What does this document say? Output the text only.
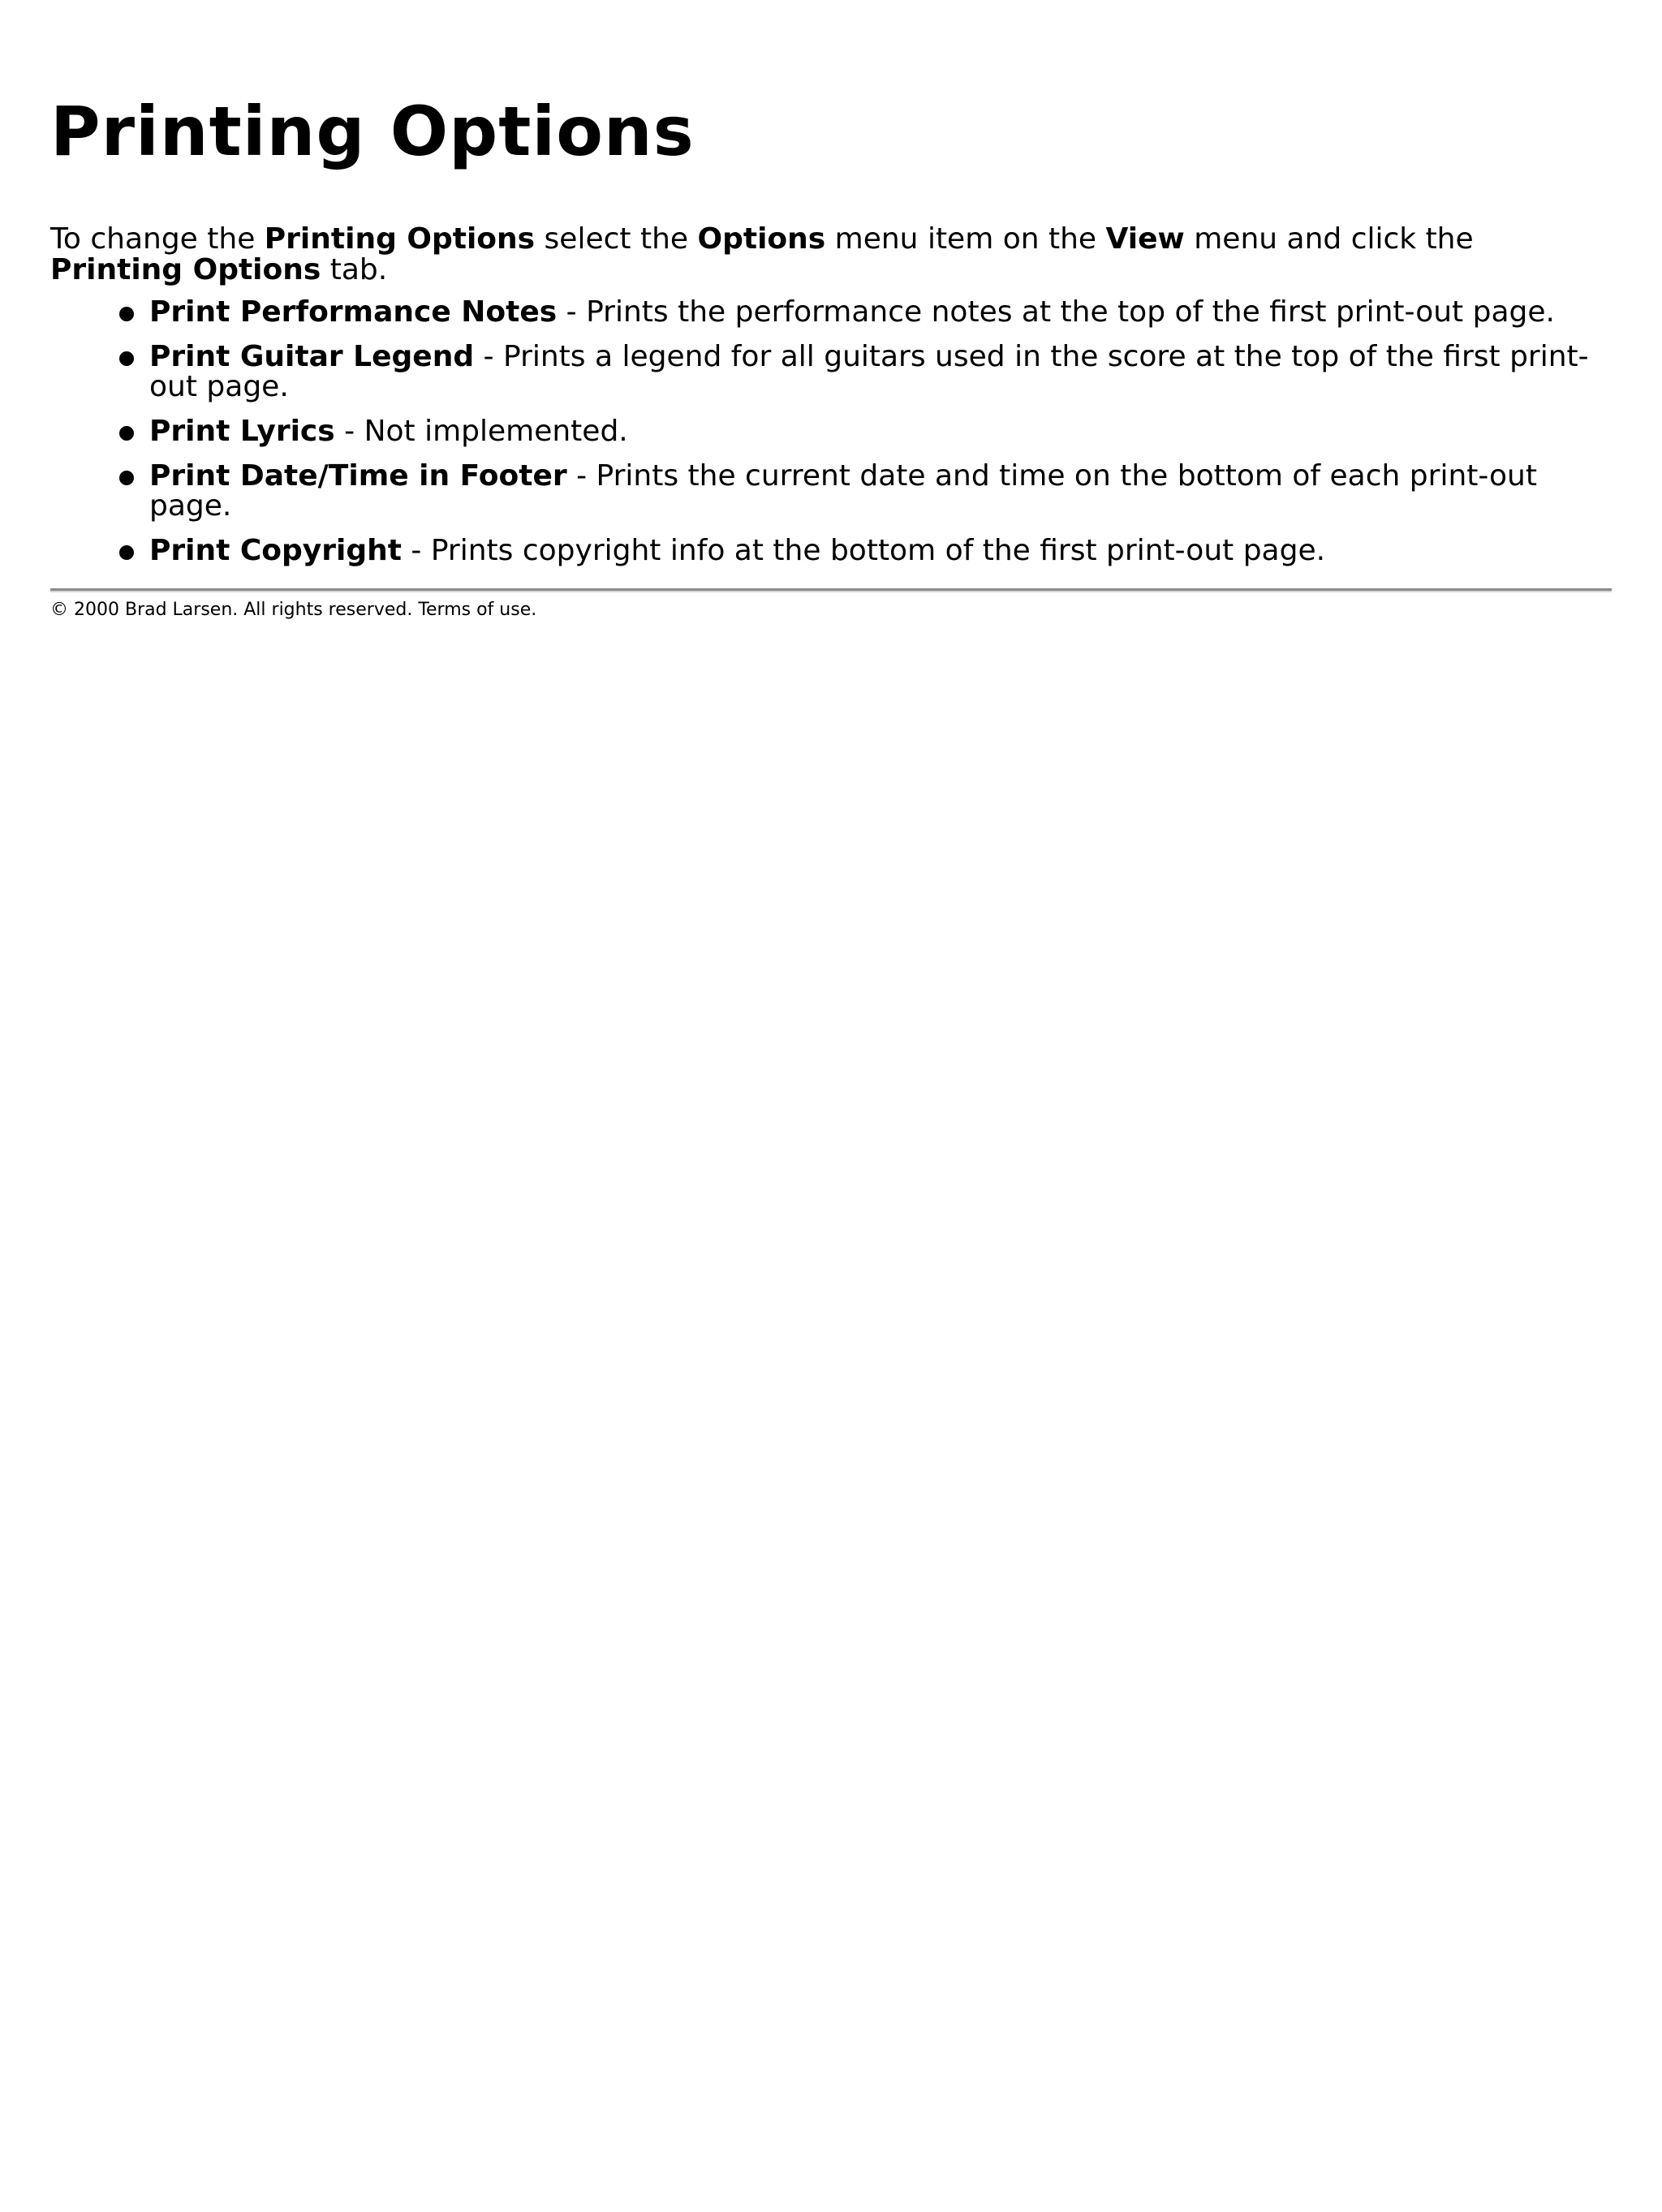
Printing Options

To change the Printing Options select the Options menu item on the View menu and click the Printing Options tab.

Print Performance Notes - Prints the performance notes at the top of the first print-out page.
Print Guitar Legend - Prints a legend for all guitars used in the score at the top of the first print-out page.
Print Lyrics - Not implemented.
Print Date/Time in Footer - Prints the current date and time on the bottom of each print-out page.
Print Copyright - Prints copyright info at the bottom of the first print-out page.
© 2000 Brad Larsen. All rights reserved. Terms of use.
